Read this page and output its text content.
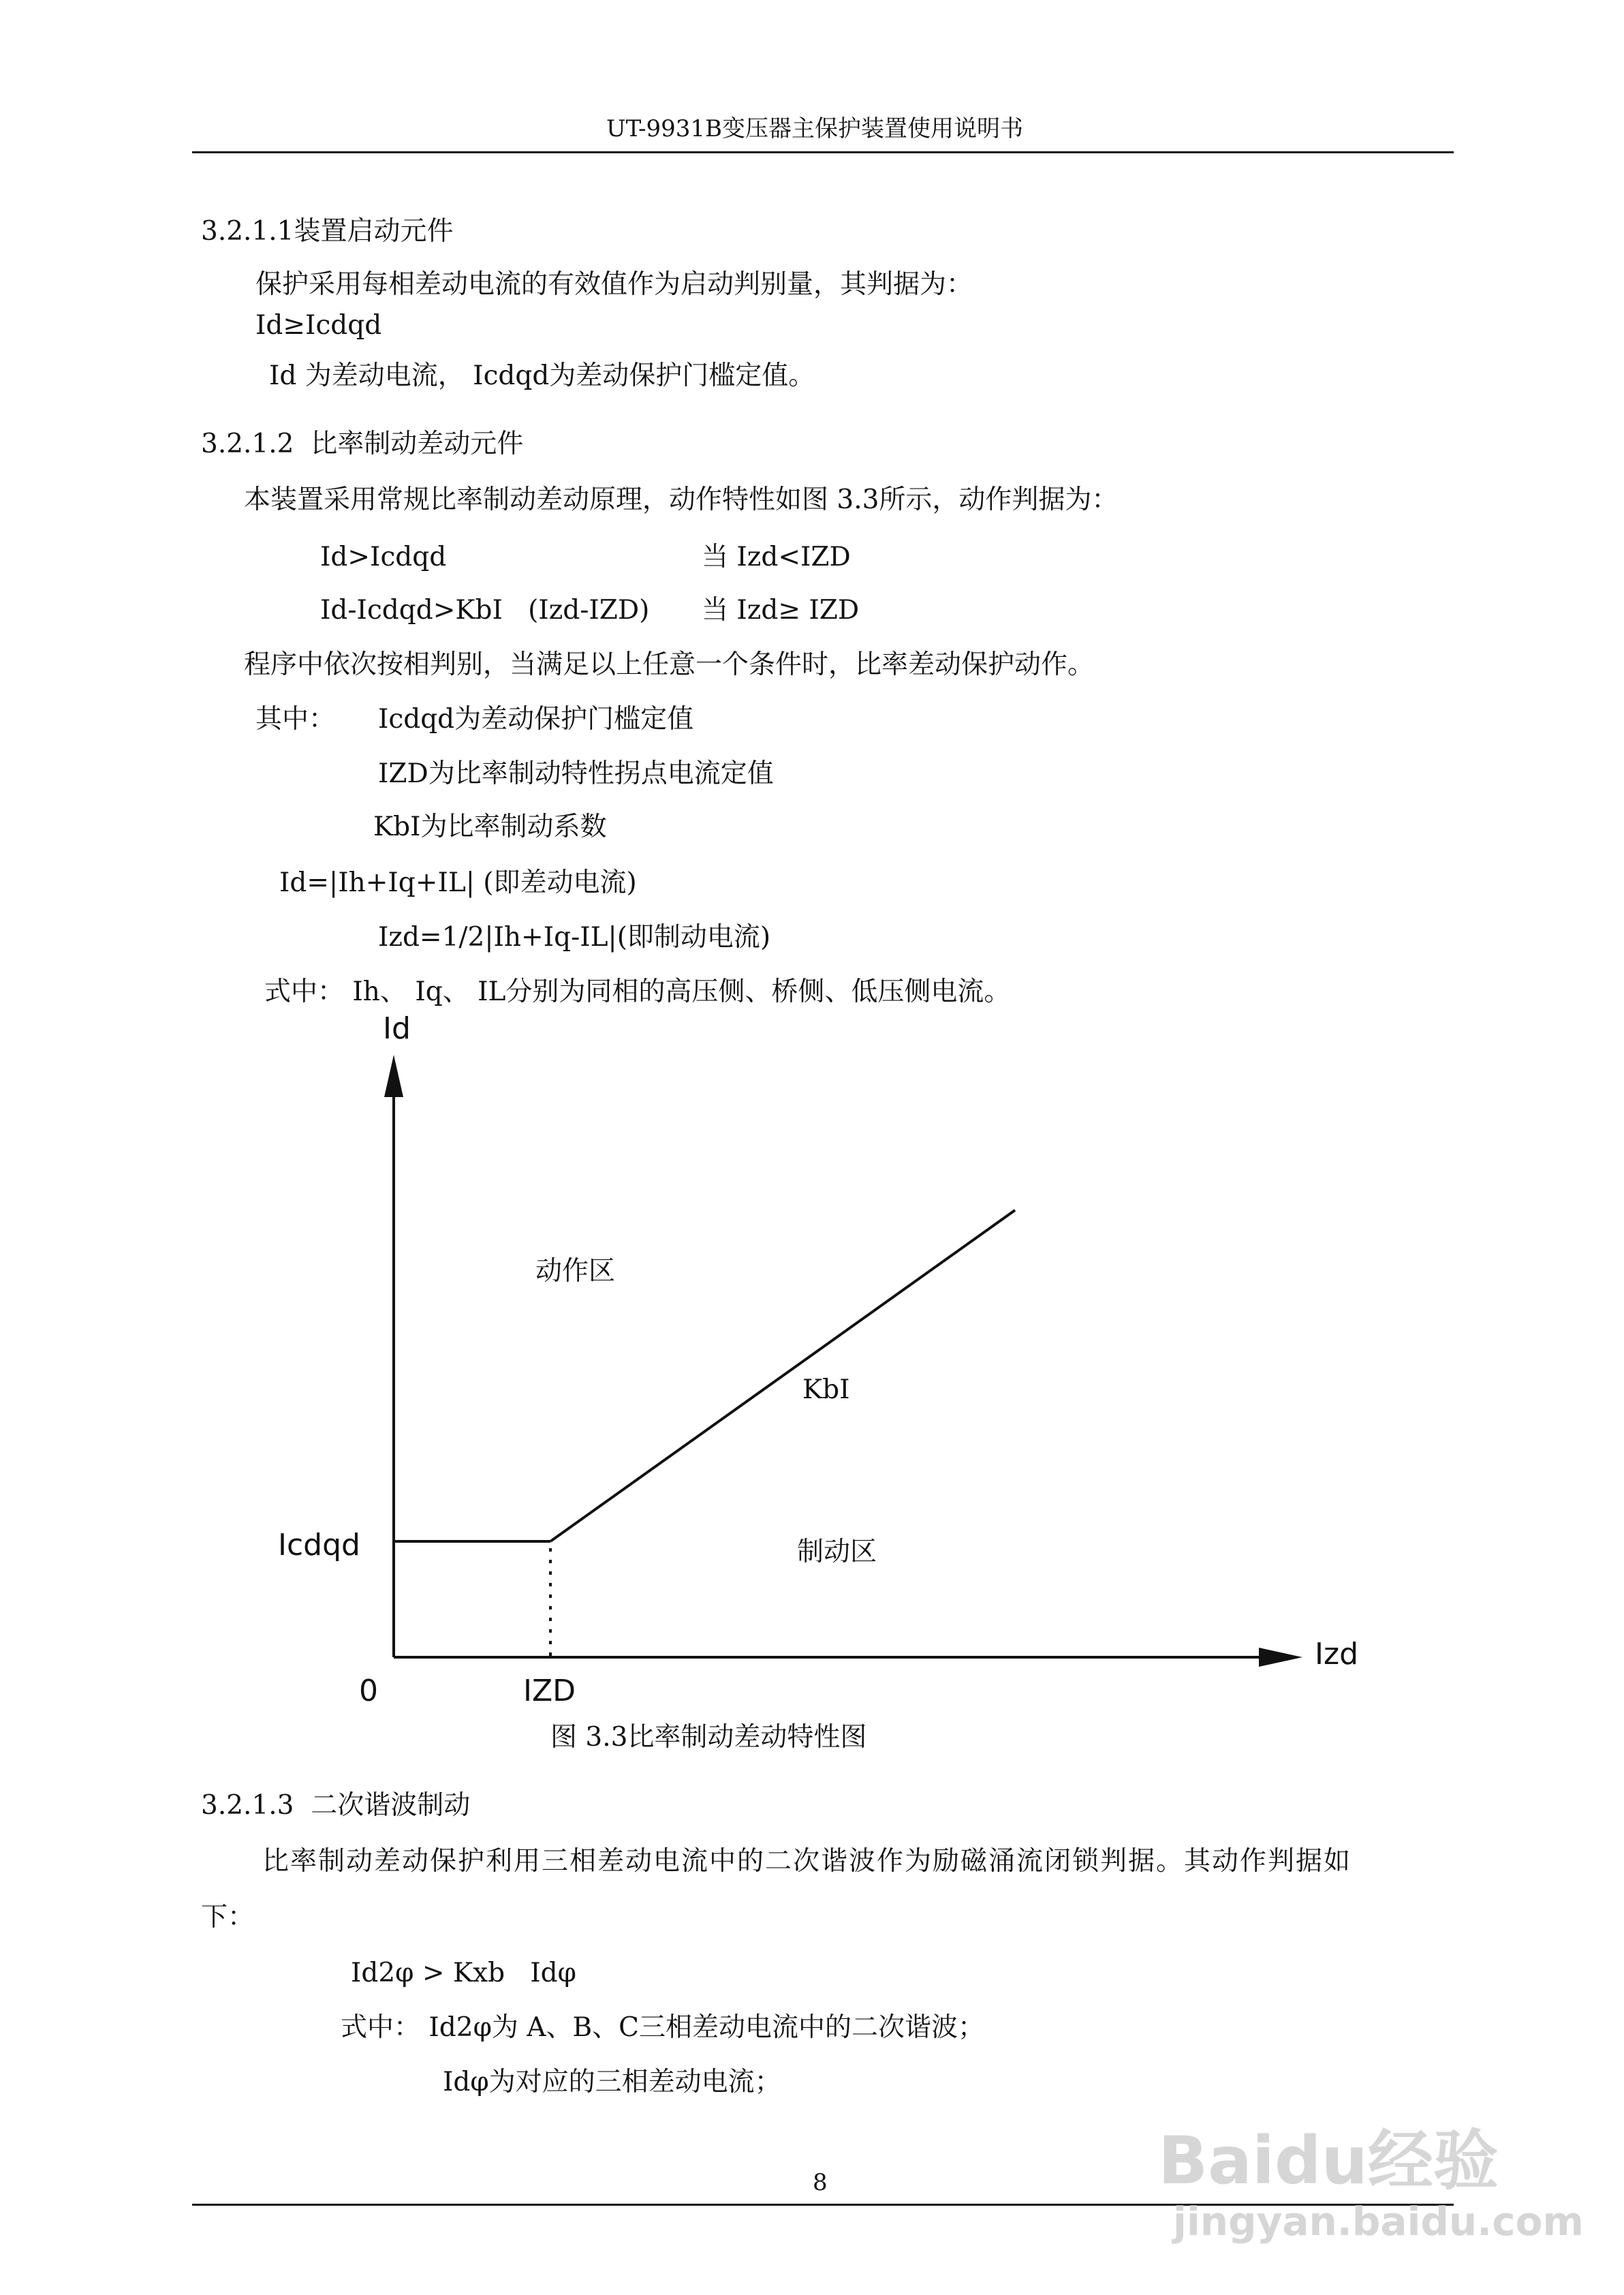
UT-9931B变压器主保护装置使用说明书
3.2.1.1装置启动元件
保护采用每相差动电流的有效值作为启动判别量，其判据为：
Id≥Icdqd
Id 为差动电流， Icdqd为差动保护门槛定值。
3.2.1.2  比率制动差动元件
本装置采用常规比率制动差动原理，动作特性如图 3.3所示，动作判据为：
Id>Icdqd	当 Izd<IZD
Id-Icdqd>KbI   (Izd-IZD) 当 Izd≥ IZD
程序中依次按相判别，当满足以上任意一个条件时，比率差动保护动作。
其中： Icdqd为差动保护门槛定值
IZD为比率制动特性拐点电流定值
KbI为比率制动系数
Id=|Ih+Iq+IL| (即差动电流)
Izd=1/2|Ih+Iq-IL|(即制动电流)
式中： Ih、 Iq、 IL分别为同相的高压侧、桥侧、低压侧电流。
Id
Izd
0	IZD
Icdqd
动作区
KbI
制动区
图 3.3比率制动差动特性图
3.2.1.3  二次谐波制动
比率制动差动保护利用三相差动电流中的二次谐波作为励磁涌流闭锁判据。其动作判据如
下：
Id2φ > Kxb   Idφ
式中： Id2φ为 A、B、C三相差动电流中的二次谐波；
Idφ为对应的三相差动电流；
8	Baidu经验
jingyan.baidu.com
